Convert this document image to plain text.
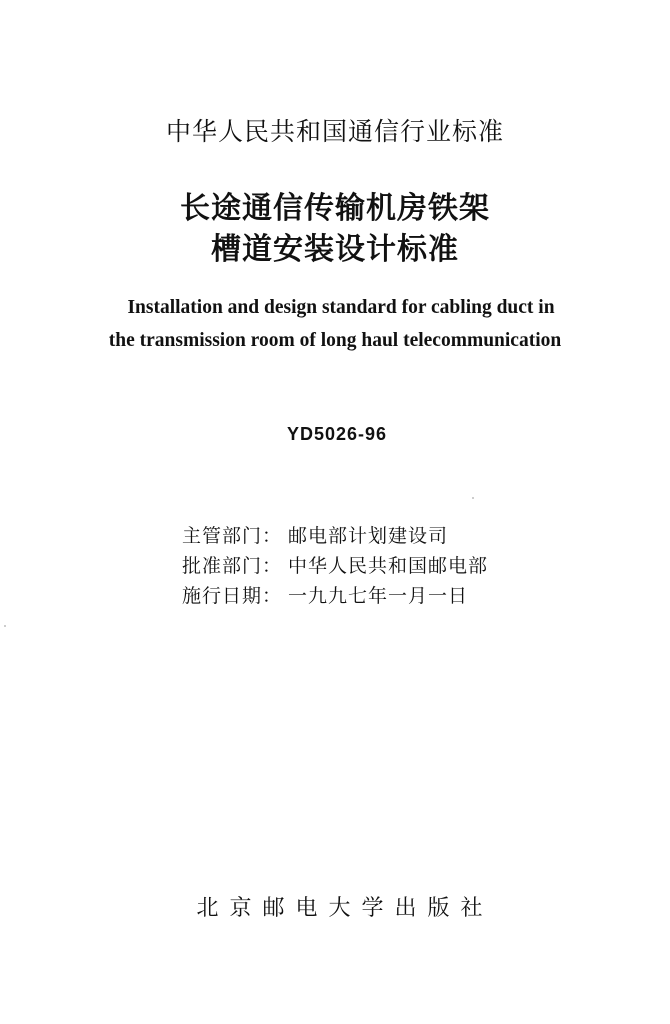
中华人民共和国通信行业标准
长途通信传输机房铁架
槽道安装设计标准
Installation and design standard for cabling duct in
the transmission room of long haul telecommunication
YD5026-96
主管部门： 邮电部计划建设司
批准部门： 中华人民共和国邮电部
施行日期： 一九九七年一月一日
北京邮电大学出版社
